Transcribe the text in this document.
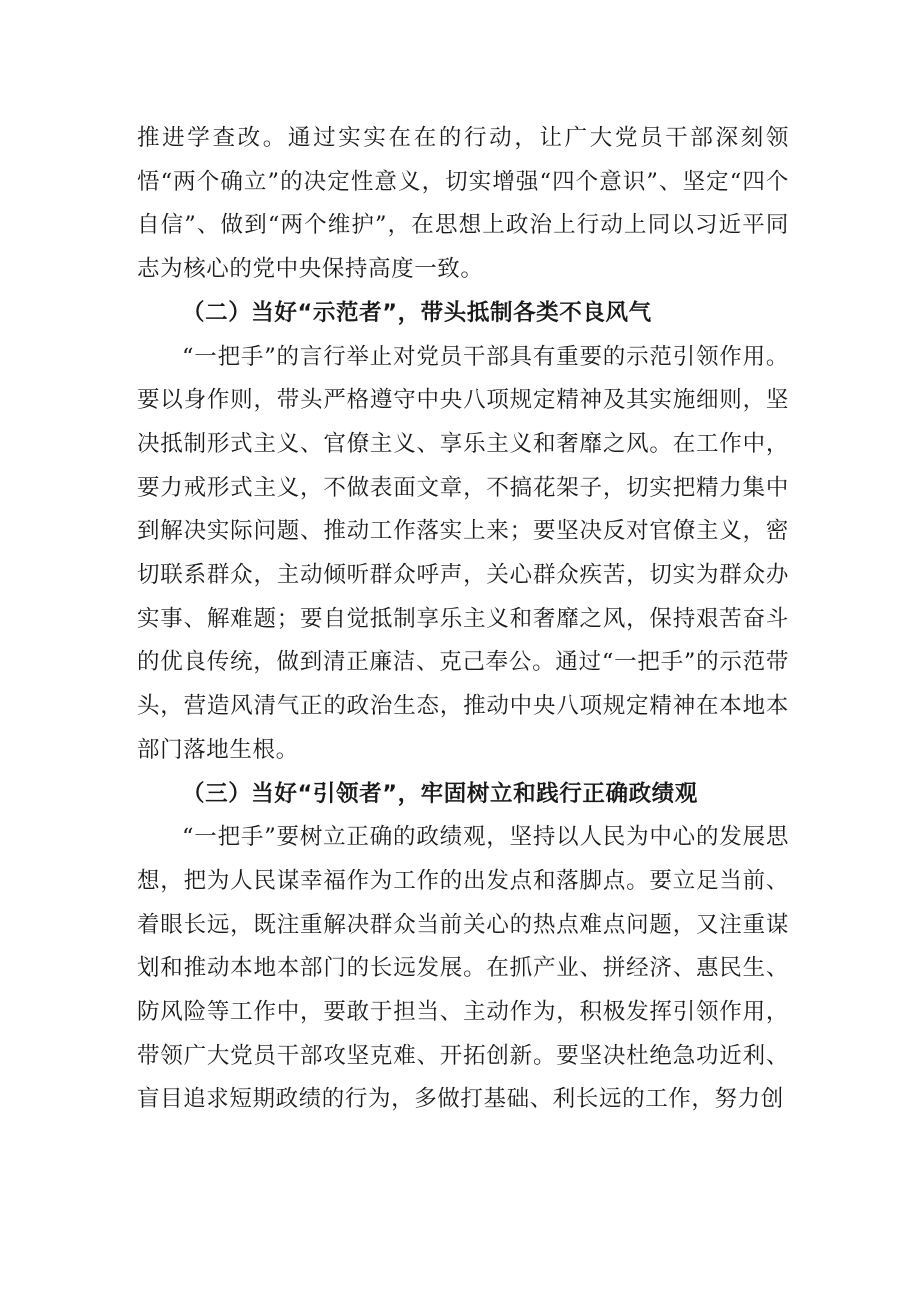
推进学查改。通过实实在在的行动，让广大党员干部深刻领悟“两个确立”的决定性意义，切实增强“四个意识”、坚定“四个自信”、做到“两个维护”，在思想上政治上行动上同以习近平同志为核心的党中央保持高度一致。

（二）当好“示范者”，带头抵制各类不良风气

“一把手”的言行举止对党员干部具有重要的示范引领作用。要以身作则，带头严格遵守中央八项规定精神及其实施细则，坚决抵制形式主义、官僚主义、享乐主义和奢靡之风。在工作中，要力戒形式主义，不做表面文章，不搞花架子，切实把精力集中到解决实际问题、推动工作落实上来；要坚决反对官僚主义，密切联系群众，主动倾听群众呼声，关心群众疾苦，切实为群众办实事、解难题；要自觉抵制享乐主义和奢靡之风，保持艰苦奋斗的优良传统，做到清正廉洁、克己奉公。通过“一把手”的示范带头，营造风清气正的政治生态，推动中央八项规定精神在本地本部门落地生根。

（三）当好“引领者”，牢固树立和践行正确政绩观

“一把手”要树立正确的政绩观，坚持以人民为中心的发展思想，把为人民谋幸福作为工作的出发点和落脚点。要立足当前、着眼长远，既注重解决群众当前关心的热点难点问题，又注重谋划和推动本地本部门的长远发展。在抓产业、拼经济、惠民生、防风险等工作中，要敢于担当、主动作为，积极发挥引领作用，带领广大党员干部攻坚克难、开拓创新。要坚决杜绝急功近利、盲目追求短期政绩的行为，多做打基础、利长远的工作，努力创
